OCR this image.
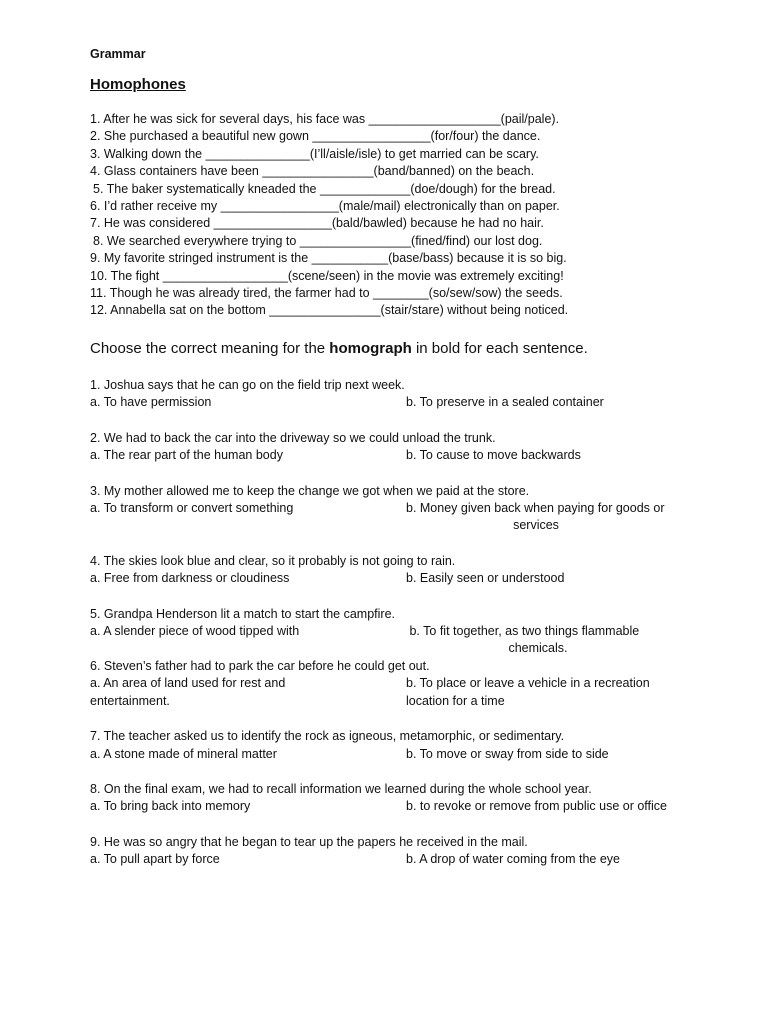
Grammar
Homophones
1. After he was sick for several days, his face was ___________________(pail/pale).
2. She purchased a beautiful new gown _________________(for/four) the dance.
3. Walking down the _______________(I’ll/aisle/isle) to get married can be scary.
4. Glass containers have been ________________(band/banned) on the beach.
5. The baker systematically kneaded the _____________(doe/dough) for the bread.
6. I’d rather receive my _________________(male/mail) electronically than on paper.
7. He was considered _________________(bald/bawled) because he had no hair.
8. We searched everywhere trying to ________________(fined/find) our lost dog.
9. My favorite stringed instrument is the ___________(base/bass) because it is so big.
10. The fight __________________(scene/seen) in the movie was extremely exciting!
11. Though he was already tired, the farmer had to ________(so/sew/sow) the seeds.
12. Annabella sat on the bottom ________________(stair/stare) without being noticed.
Choose the correct meaning for the homograph in bold for each sentence.
1. Joshua says that he can go on the field trip next week.
a. To have permission	b. To preserve in a sealed container
2. We had to back the car into the driveway so we could unload the trunk.
a. The rear part of the human body	b. To cause to move backwards
3. My mother allowed me to keep the change we got when we paid at the store.
a. To transform or convert something	b. Money given back when paying for goods or
services
4. The skies look blue and clear, so it probably is not going to rain.
a. Free from darkness or cloudiness	b. Easily seen or understood
5. Grandpa Henderson lit a match to start the campfire.
a. A slender piece of wood tipped with	b. To fit together, as two things flammable
chemicals.
6. Steven’s father had to park the car before he could get out.
a. An area of land used for rest and
entertainment.
b. To place or leave a vehicle in a recreation
location for a time
7. The teacher asked us to identify the rock as igneous, metamorphic, or sedimentary.
a. A stone made of mineral matter	b. To move or sway from side to side
8. On the final exam, we had to recall information we learned during the whole school year.
a. To bring back into memory	b. to revoke or remove from public use or office
9. He was so angry that he began to tear up the papers he received in the mail.
a. To pull apart by force	b. A drop of water coming from the eye
